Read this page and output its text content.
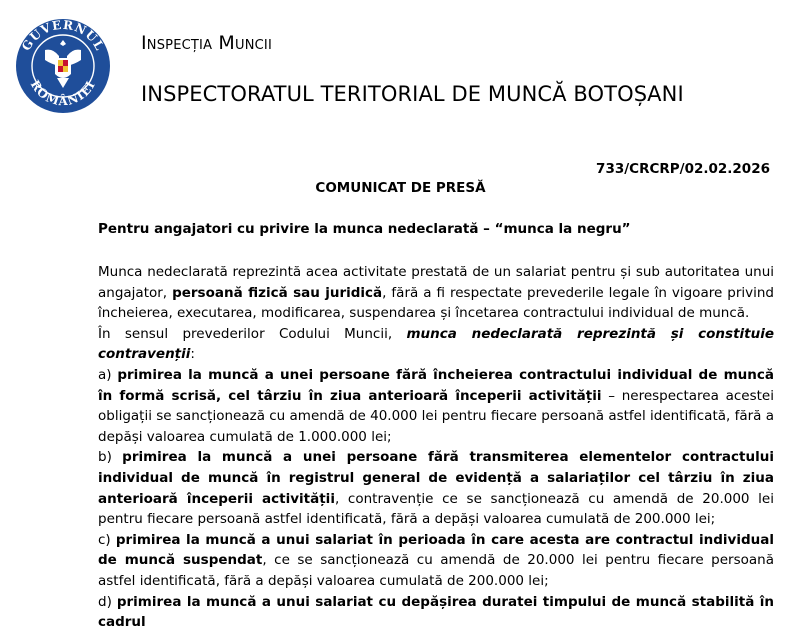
GUVERNUL
ROMÂNIEI
Inspecția Muncii
INSPECTORATUL TERITORIAL DE MUNCĂ BOTOȘANI
733/CRCRP/02.02.2026
COMUNICAT DE PRESĂ
Pentru angajatori cu privire la munca nedeclarată – “munca la negru”

Munca nedeclarată reprezintă acea activitate prestată de un salariat pentru și sub autoritatea unui angajator, persoană fizică sau juridică, fără a fi respectate prevederile legale în vigoare privind încheierea, executarea, modificarea, suspendarea și încetarea contractului individual de muncă.

În sensul prevederilor Codului Muncii, munca nedeclarată reprezintă și constituie contravenții:

a) primirea la muncă a unei persoane fără încheierea contractului individual de muncă în formă scrisă, cel târziu în ziua anterioară începerii activității – nerespectarea acestei obligații se sancționează cu amendă de 40.000 lei pentru fiecare persoană astfel identificată, fără a depăși valoarea cumulată de 1.000.000 lei;

b) primirea la muncă a unei persoane fără transmiterea elementelor contractului individual de muncă în registrul general de evidență a salariaților cel târziu în ziua anterioară începerii activității, contravenție ce se sancționează cu amendă de 20.000 lei pentru fiecare persoană astfel identificată, fără a depăși valoarea cumulată de 200.000 lei;

c) primirea la muncă a unui salariat în perioada în care acesta are contractul individual de muncă suspendat, ce se sancționează cu amendă de 20.000 lei pentru fiecare persoană astfel identificată, fără a depăși valoarea cumulată de 200.000 lei;

d) primirea la muncă a unui salariat cu depășirea duratei timpului de muncă stabilită în cadrul
